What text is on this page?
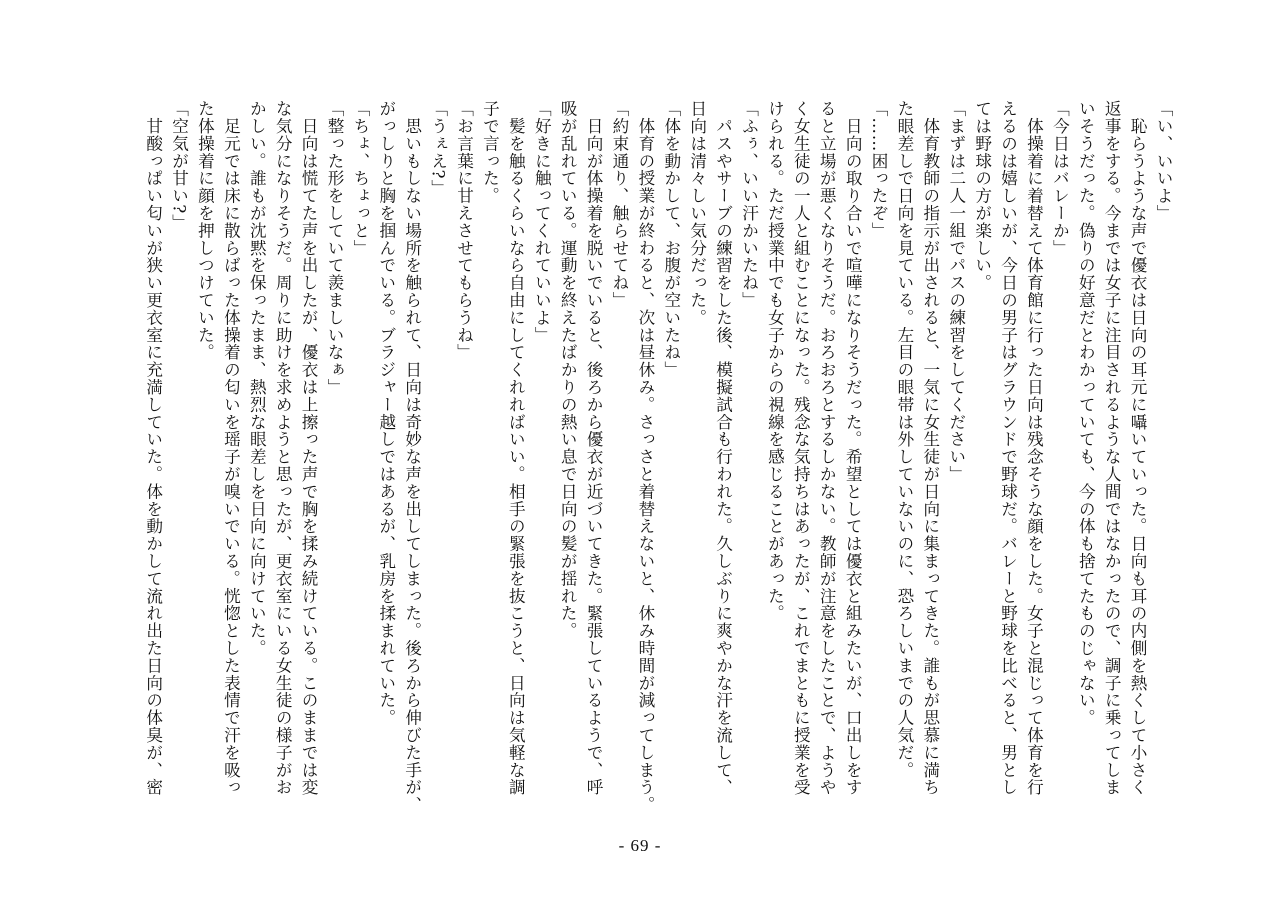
「い、いいよ」
　恥らうような声で優衣は日向の耳元に囁いていった。日向も耳の内側を熱くして小さく
返事をする。今までは女子に注目されるような人間ではなかったので、調子に乗ってしま
いそうだった。偽りの好意だとわかっていても、今の体も捨てたものじゃない。
「今日はバレーか」
　体操着に着替えて体育館に行った日向は残念そうな顔をした。女子と混じって体育を行
えるのは嬉しいが、今日の男子はグラウンドで野球だ。バレーと野球を比べると、男とし
ては野球の方が楽しい。
「まずは二人一組でパスの練習をしてください」
　体育教師の指示が出されると、一気に女生徒が日向に集まってきた。誰もが思慕に満ち
た眼差しで日向を見ている。左目の眼帯は外していないのに、恐ろしいまでの人気だ。
「……困ったぞ」
　日向の取り合いで喧嘩になりそうだった。希望としては優衣と組みたいが、口出しをす
ると立場が悪くなりそうだ。おろおろとするしかない。教師が注意をしたことで、ようや
く女生徒の一人と組むことになった。残念な気持ちはあったが、これでまともに授業を受
けられる。ただ授業中でも女子からの視線を感じることがあった。
「ふぅ、いい汗かいたね」
　パスやサーブの練習をした後、模擬試合も行われた。久しぶりに爽やかな汗を流して、
日向は清々しい気分だった。
「体を動かして、お腹が空いたね」
　体育の授業が終わると、次は昼休み。さっさと着替えないと、休み時間が減ってしまう。
「約束通り、触らせてね」
　日向が体操着を脱いでいると、後ろから優衣が近づいてきた。緊張しているようで、呼
吸が乱れている。運動を終えたばかりの熱い息で日向の髪が揺れた。
「好きに触ってくれていいよ」
　髪を触るくらいなら自由にしてくれればいい。相手の緊張を抜こうと、日向は気軽な調
子で言った。
「お言葉に甘えさせてもらうね」
「うぇえ?」
　思いもしない場所を触られて、日向は奇妙な声を出してしまった。後ろから伸びた手が、
がっしりと胸を掴んでいる。ブラジャー越しではあるが、乳房を揉まれていた。
「ちょ、ちょっと」
「整った形をしていて羨ましいなぁ」
　日向は慌てた声を出したが、優衣は上擦った声で胸を揉み続けている。このままでは変
な気分になりそうだ。周りに助けを求めようと思ったが、更衣室にいる女生徒の様子がお
かしい。誰もが沈黙を保ったまま、熱烈な眼差しを日向に向けていた。
　足元では床に散らばった体操着の匂いを瑶子が嗅いでいる。恍惚とした表情で汗を吸っ
た体操着に顔を押しつけていた。
「空気が甘い?」
　甘酸っぱい匂いが狭い更衣室に充満していた。体を動かして流れ出た日向の体臭が、密
- 69 -
